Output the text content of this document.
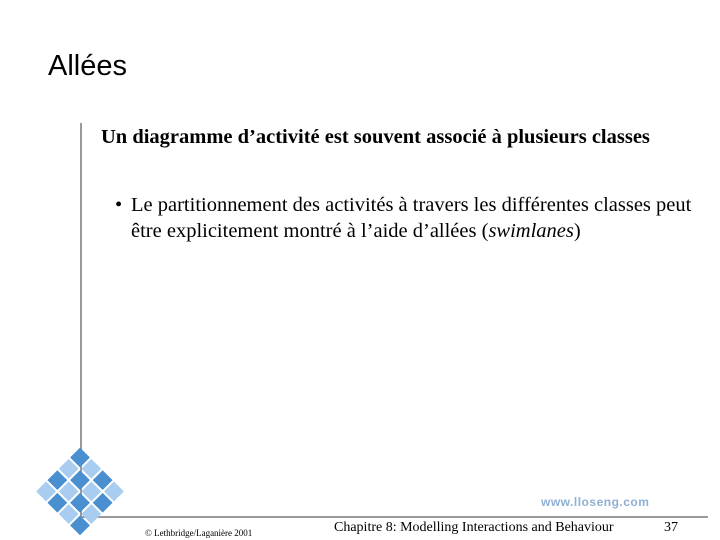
Allées
Un diagramme d’activité est souvent associé à plusieurs classes
• Le partitionnement des activités à travers les différentes classes peut être explicitement montré à l’aide d’allées (swimlanes)
www.lloseng.com
© Lethbridge/Laganière 2001	Chapitre 8: Modelling Interactions and Behaviour	37
